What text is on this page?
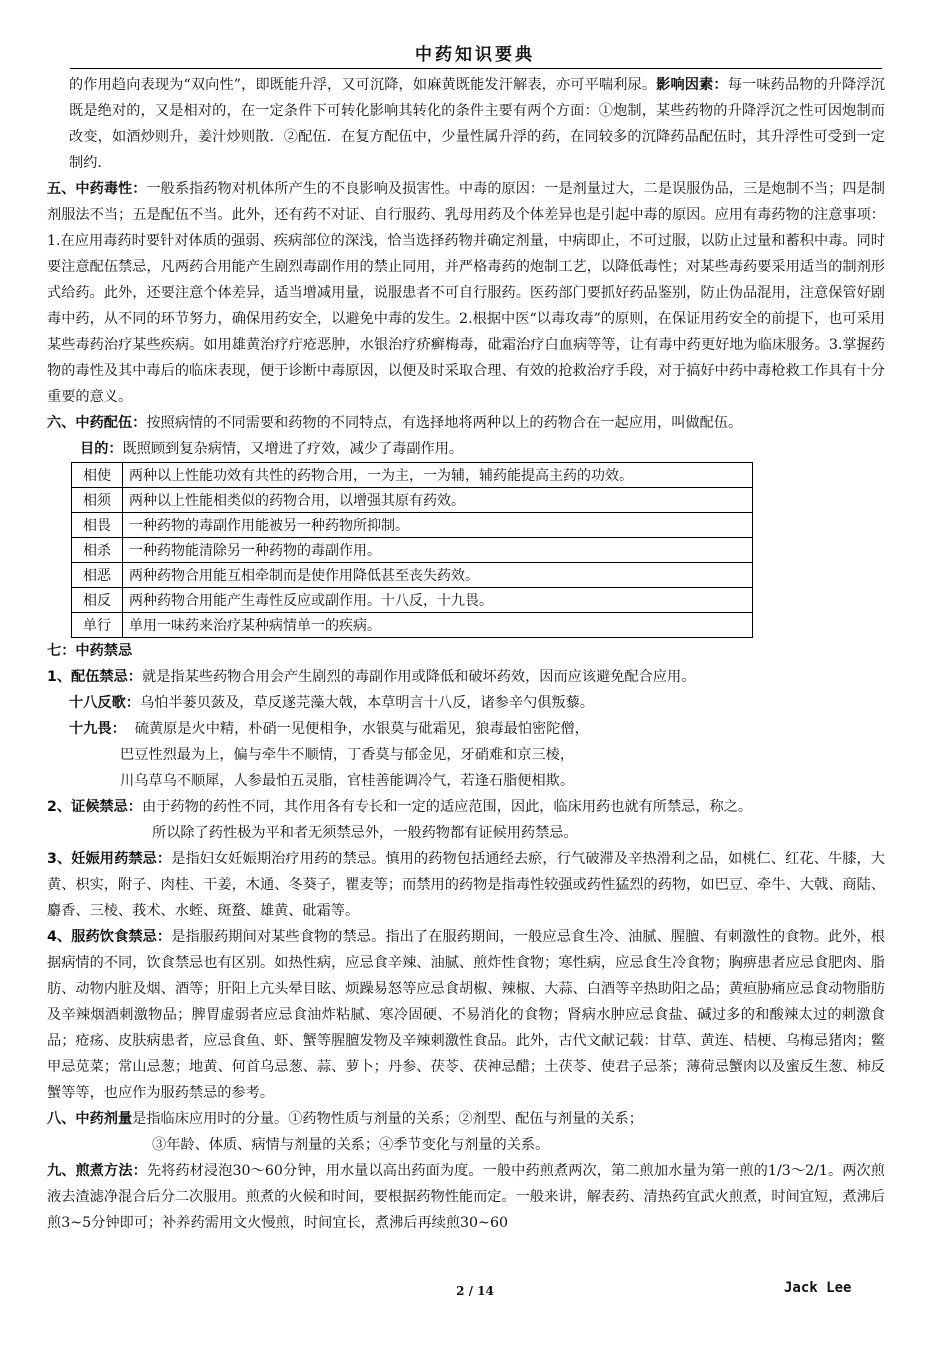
中药知识要典

的作用趋向表现为“双向性”，即既能升浮，又可沉降，如麻黄既能发汗解表，亦可平喘利尿。影响因素：每一味药品物的升降浮沉既是绝对的，又是相对的，在一定条件下可转化影响其转化的条件主要有两个方面：①炮制，某些药物的升降浮沉之性可因炮制而改变，如酒炒则升，姜汁炒则散．②配伍．在复方配伍中，少量性属升浮的药，在同较多的沉降药品配伍时，其升浮性可受到一定制约．

五、中药毒性：一般系指药物对机体所产生的不良影响及损害性。中毒的原因：一是剂量过大，二是误服伪品，三是炮制不当；四是制剂服法不当；五是配伍不当。此外，还有药不对证、自行服药、乳母用药及个体差异也是引起中毒的原因。应用有毒药物的注意事项：1.在应用毒药时要针对体质的强弱、疾病部位的深浅，恰当选择药物并确定剂量，中病即止，不可过服，以防止过量和蓄积中毒。同时要注意配伍禁忌，凡两药合用能产生剧烈毒副作用的禁止同用，并严格毒药的炮制工艺，以降低毒性；对某些毒药要采用适当的制剂形式给药。此外，还要注意个体差异，适当增减用量，说服患者不可自行服药。医药部门要抓好药品鉴别，防止伪品混用，注意保管好剧毒中药，从不同的环节努力，确保用药安全，以避免中毒的发生。2.根据中医“以毒攻毒”的原则，在保证用药安全的前提下，也可采用某些毒药治疗某些疾病。如用雄黄治疗疔疮恶肿，水银治疗疥癣梅毒，砒霜治疗白血病等等，让有毒中药更好地为临床服务。3.掌握药物的毒性及其中毒后的临床表现，便于诊断中毒原因，以便及时采取合理、有效的抢救治疗手段，对于搞好中药中毒枪救工作具有十分重要的意义。

六、中药配伍：按照病情的不同需要和药物的不同特点，有选择地将两种以上的药物合在一起应用，叫做配伍。

目的：既照顾到复杂病情，又增进了疗效，减少了毒副作用。

相使	两种以上性能功效有共性的药物合用，一为主，一为辅，辅药能提高主药的功效。
相须	两种以上性能相类似的药物合用，以增强其原有药效。
相畏	一种药物的毒副作用能被另一种药物所抑制。
相杀	一种药物能清除另一种药物的毒副作用。
相恶	两种药物合用能互相牵制而是使作用降低甚至丧失药效。
相反	两种药物合用能产生毒性反应或副作用。十八反，十九畏。
单行	单用一味药来治疗某种病情单一的疾病。

七：中药禁忌

1、配伍禁忌：就是指某些药物合用会产生剧烈的毒副作用或降低和破坏药效，因而应该避免配合应用。

十八反歌：乌怕半蒌贝蔹及，草反遂芫藻大戟，本草明言十八反，诸参辛勺俱叛藜。

十九畏： 硫黄原是火中精，朴硝一见便相争，水银莫与砒霜见，狼毒最怕密陀僧，

巴豆性烈最为上，偏与牵牛不顺情，丁香莫与郁金见，牙硝难和京三棱，

川乌草乌不顺犀，人参最怕五灵脂，官桂善能调冷气，若逢石脂便相欺。

2、证候禁忌：由于药物的药性不同，其作用各有专长和一定的适应范围，因此，临床用药也就有所禁忌，称之。

所以除了药性极为平和者无须禁忌外，一般药物都有证候用药禁忌。

3、妊娠用药禁忌：是指妇女妊娠期治疗用药的禁忌。慎用的药物包括通经去瘀，行气破滞及辛热滑利之品，如桃仁、红花、牛膝，大黄、枳实，附子、肉桂、干姜，木通、冬葵子，瞿麦等；而禁用的药物是指毒性较强或药性猛烈的药物，如巴豆、牵牛、大戟、商陆、麝香、三棱、莪术、水蛭、斑蝥、雄黄、砒霜等。

4、服药饮食禁忌：是指服药期间对某些食物的禁忌。指出了在服药期间，一般应忌食生冷、油腻、腥膻、有刺激性的食物。此外，根据病情的不同，饮食禁忌也有区别。如热性病，应忌食辛辣、油腻、煎炸性食物；寒性病，应忌食生冷食物；胸痹患者应忌食肥肉、脂肪、动物内脏及烟、酒等；肝阳上亢头晕目眩、烦躁易怒等应忌食胡椒、辣椒、大蒜、白酒等辛热助阳之品；黄疸胁痛应忌食动物脂肪及辛辣烟酒刺激物品；脾胃虚弱者应忌食油炸粘腻、寒冷固硬、不易消化的食物；肾病水肿应忌食盐、碱过多的和酸辣太过的刺激食品；疮疡、皮肤病患者，应忌食鱼、虾、蟹等腥膻发物及辛辣刺激性食品。此外，古代文献记载：甘草、黄连、桔梗、乌梅忌猪肉；鳖甲忌苋菜；常山忌葱；地黄、何首乌忌葱、蒜、萝卜；丹参、茯苓、茯神忌醋；土茯苓、使君子忌茶；薄荷忌蟹肉以及蜜反生葱、柿反蟹等等，也应作为服药禁忌的参考。

八、中药剂量是指临床应用时的分量。①药物性质与剂量的关系；②剂型、配伍与剂量的关系；

③年龄、体质、病情与剂量的关系；④季节变化与剂量的关系。

九、煎煮方法：先将药材浸泡30～60分钟，用水量以高出药面为度。一般中药煎煮两次，第二煎加水量为第一煎的1/3～2/1。两次煎液去渣滤净混合后分二次服用。煎煮的火候和时间，要根据药物性能而定。一般来讲，解表药、清热药宜武火煎煮，时间宜短，煮沸后煎3~5分钟即可；补养药需用文火慢煎，时间宜长，煮沸后再续煎30~60

2 / 14	Jack Lee
